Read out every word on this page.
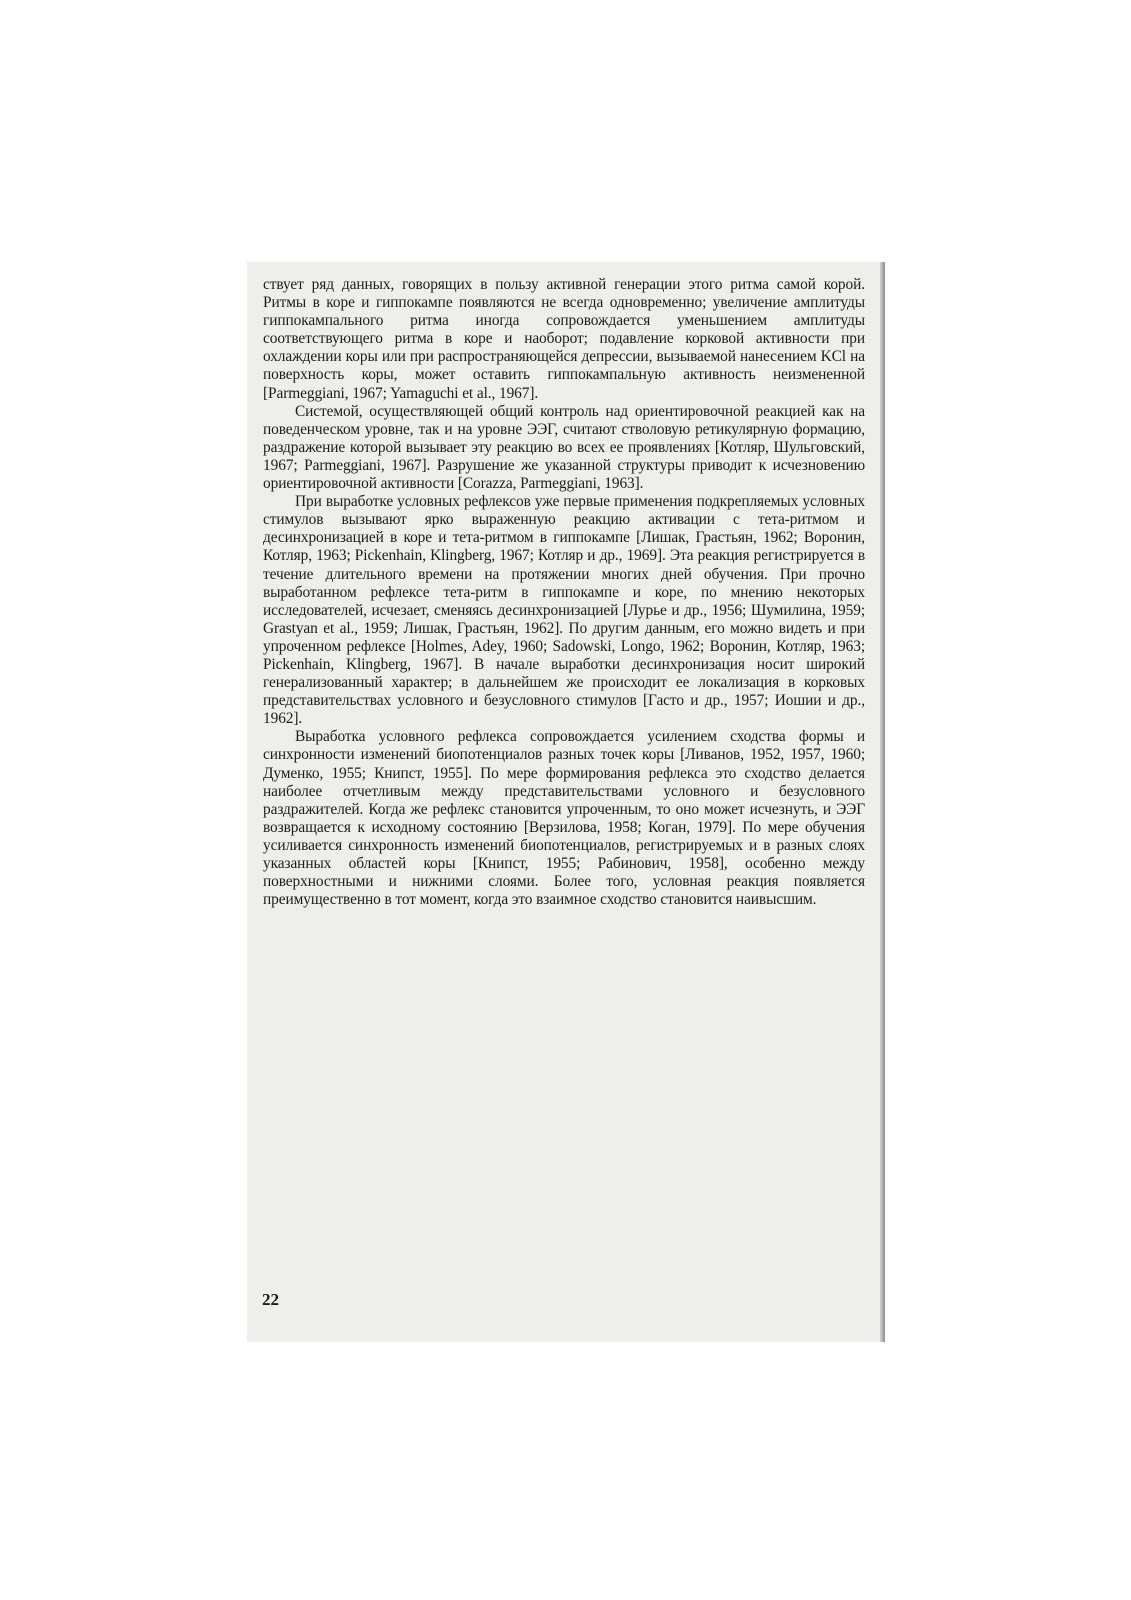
ствует ряд данных, говорящих в пользу активной генерации этого ритма самой корой. Ритмы в коре и гиппокампе появляются не всегда одновременно; увеличение амплитуды гиппокампального ритма иногда сопровождается уменьшением амплитуды соответствующего ритма в коре и наоборот; подавление корковой активности при охлаждении коры или при распространяющейся депрессии, вызываемой нанесением KCl на поверхность коры, может оставить гиппокампальную активность неизмененной [Parmeggiani, 1967; Yamaguchi et al., 1967].

Системой, осуществляющей общий контроль над ориентировочной реакцией как на поведенческом уровне, так и на уровне ЭЭГ, считают стволовую ретикулярную формацию, раздражение которой вызывает эту реакцию во всех ее проявлениях [Котляр, Шульговский, 1967; Parmeggiani, 1967]. Разрушение же указанной структуры приводит к исчезновению ориентировочной активности [Corazza, Parmeggiani, 1963].

При выработке условных рефлексов уже первые применения подкрепляемых условных стимулов вызывают ярко выраженную реакцию активации с тета-ритмом и десинхронизацией в коре и тета-ритмом в гиппокампе [Лишак, Грастьян, 1962; Воронин, Котляр, 1963; Pickenhain, Klingberg, 1967; Котляр и др., 1969]. Эта реакция регистрируется в течение длительного времени на протяжении многих дней обучения. При прочно выработанном рефлексе тета-ритм в гиппокампе и коре, по мнению некоторых исследователей, исчезает, сменяясь десинхронизацией [Лурье и др., 1956; Шумилина, 1959; Grastyan et al., 1959; Лишак, Грастьян, 1962]. По другим данным, его можно видеть и при упроченном рефлексе [Holmes, Adey, 1960; Sadowski, Longo, 1962; Воронин, Котляр, 1963; Pickenhain, Klingberg, 1967]. В начале выработки десинхронизация носит широкий генерализованный характер; в дальнейшем же происходит ее локализация в корковых представительствах условного и безусловного стимулов [Гасто и др., 1957; Иошии и др., 1962].

Выработка условного рефлекса сопровождается усилением сходства формы и синхронности изменений биопотенциалов разных точек коры [Ливанов, 1952, 1957, 1960; Думенко, 1955; Книпст, 1955]. По мере формирования рефлекса это сходство делается наиболее отчетливым между представительствами условного и безусловного раздражителей. Когда же рефлекс становится упроченным, то оно может исчезнуть, и ЭЭГ возвращается к исходному состоянию [Верзилова, 1958; Коган, 1979]. По мере обучения усиливается синхронность изменений биопотенциалов, регистрируемых и в разных слоях указанных областей коры [Книпст, 1955; Рабинович, 1958], особенно между поверхностными и нижними слоями. Более того, условная реакция появляется преимущественно в тот момент, когда это взаимное сходство становится наивысшим.

22
